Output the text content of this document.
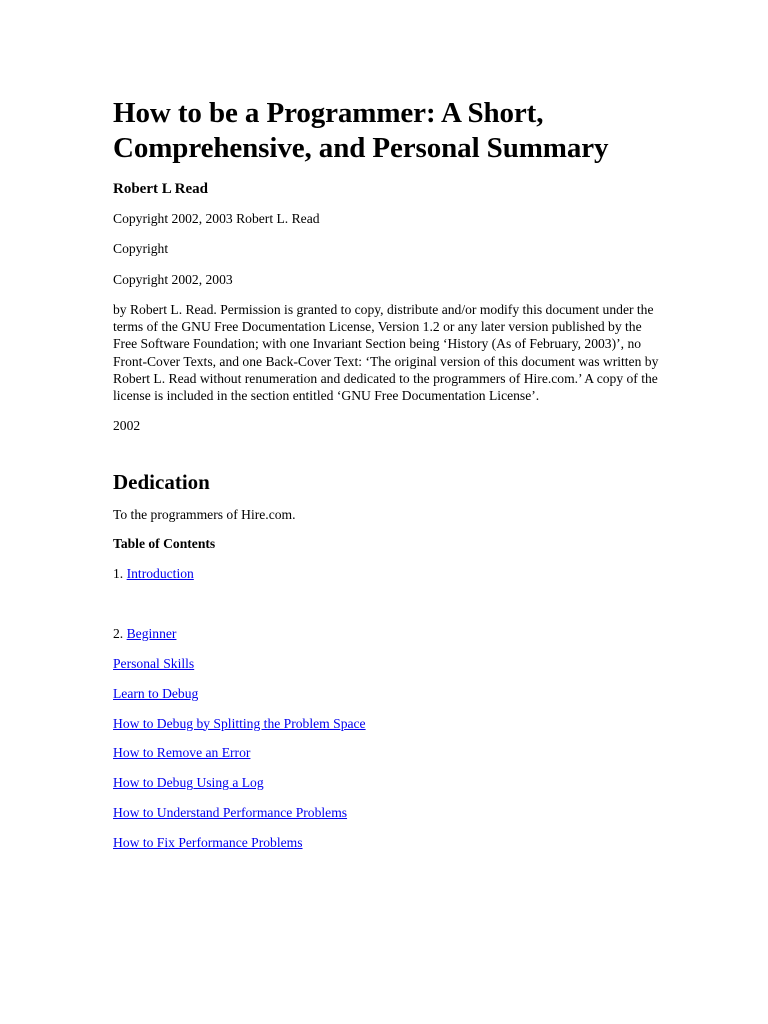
How to be a Programmer: A Short, Comprehensive, and Personal Summary
Robert L Read

Copyright 2002, 2003 Robert L. Read

Copyright

Copyright 2002, 2003

by Robert L. Read. Permission is granted to copy, distribute and/or modify this document under the terms of the GNU Free Documentation License, Version 1.2 or any later version published by the Free Software Foundation; with one Invariant Section being ‘History (As of February, 2003)’, no Front-Cover Texts, and one Back-Cover Text: ‘The original version of this document was written by Robert L. Read without renumeration and dedicated to the programmers of Hire.com.’ A copy of the license is included in the section entitled ‘GNU Free Documentation License’.

2002

Dedication

To the programmers of Hire.com.

Table of Contents
1. Introduction
2. Beginner
Personal Skills
Learn to Debug
How to Debug by Splitting the Problem Space
How to Remove an Error
How to Debug Using a Log
How to Understand Performance Problems
How to Fix Performance Problems
